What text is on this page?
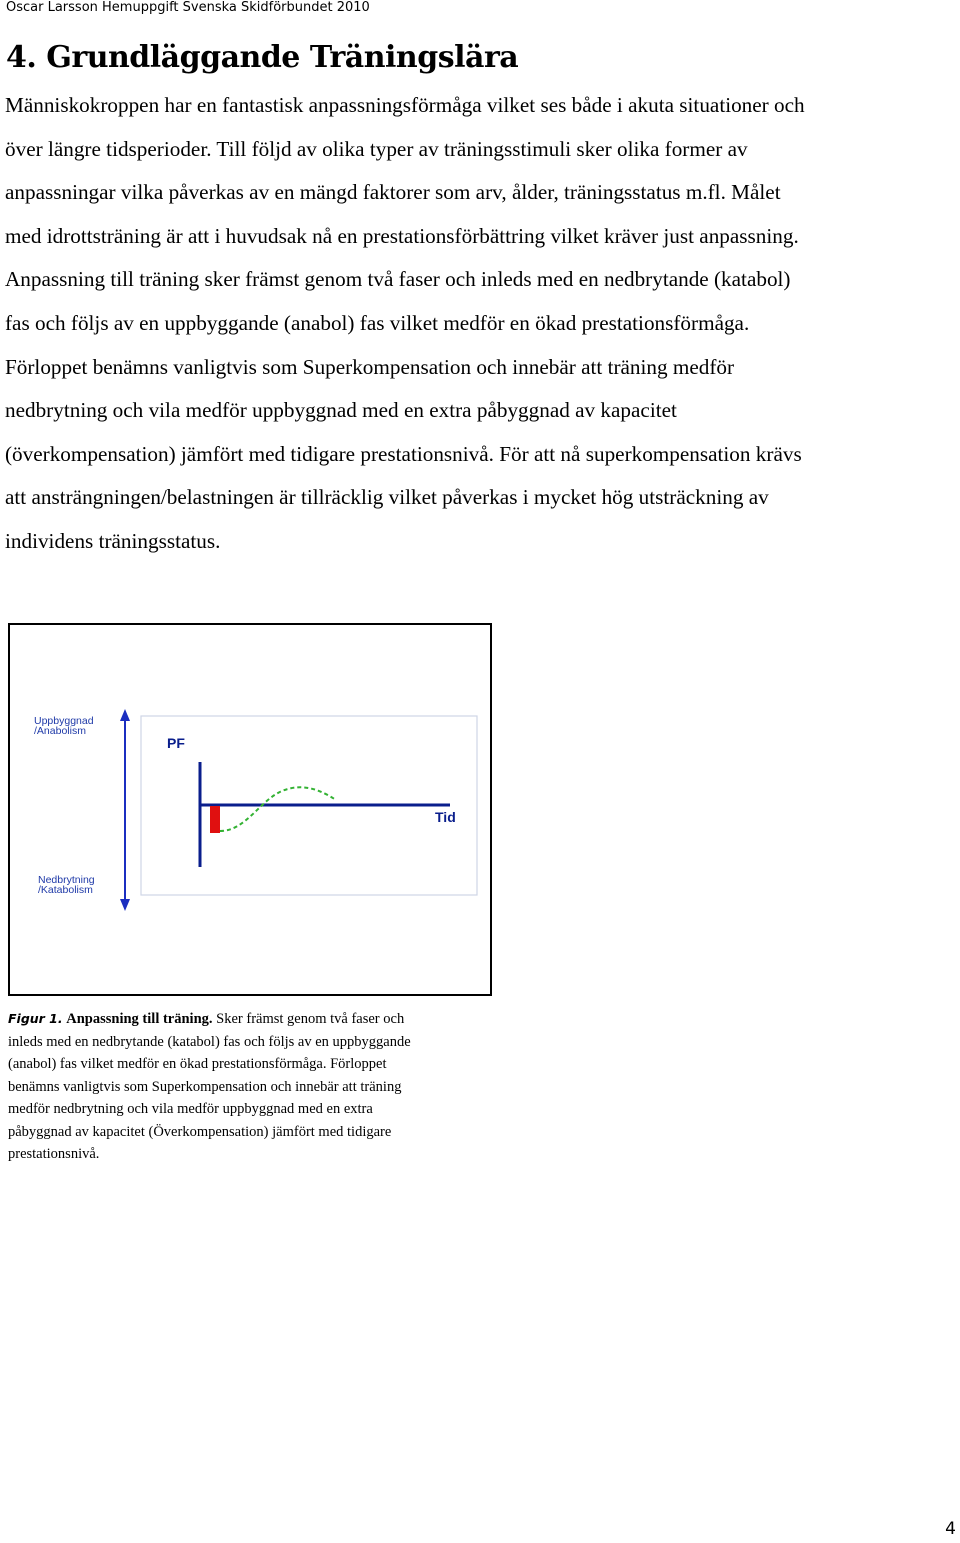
Oscar Larsson Hemuppgift Svenska Skidförbundet 2010
4. Grundläggande Träningslära
Människokroppen har en fantastisk anpassningsförmåga vilket ses både i akuta situationer och
över längre tidsperioder. Till följd av olika typer av träningsstimuli sker olika former av
anpassningar vilka påverkas av en mängd faktorer som arv, ålder, träningsstatus m.fl. Målet
med idrottsträning är att i huvudsak nå en prestationsförbättring vilket kräver just anpassning.
Anpassning till träning sker främst genom två faser och inleds med en nedbrytande (katabol)
fas och följs av en uppbyggande (anabol) fas vilket medför en ökad prestationsförmåga.
Förloppet benämns vanligtvis som Superkompensation och innebär att träning medför
nedbrytning och vila medför uppbyggnad med en extra påbyggnad av kapacitet
(överkompensation) jämfört med tidigare prestationsnivå. För att nå superkompensation krävs
att ansträngningen/belastningen är tillräcklig vilket påverkas i mycket hög utsträckning av
individens träningsstatus.
Uppbyggnad
/Anabolism
Nedbrytning
/Katabolism
PF
Tid
Figur 1. Anpassning till träning. Sker främst genom två faser och
inleds med en nedbrytande (katabol) fas och följs av en uppbyggande
(anabol) fas vilket medför en ökad prestationsförmåga. Förloppet
benämns vanligtvis som Superkompensation och innebär att träning
medför nedbrytning och vila medför uppbyggnad med en extra
påbyggnad av kapacitet (Överkompensation) jämfört med tidigare
prestationsnivå.
4
